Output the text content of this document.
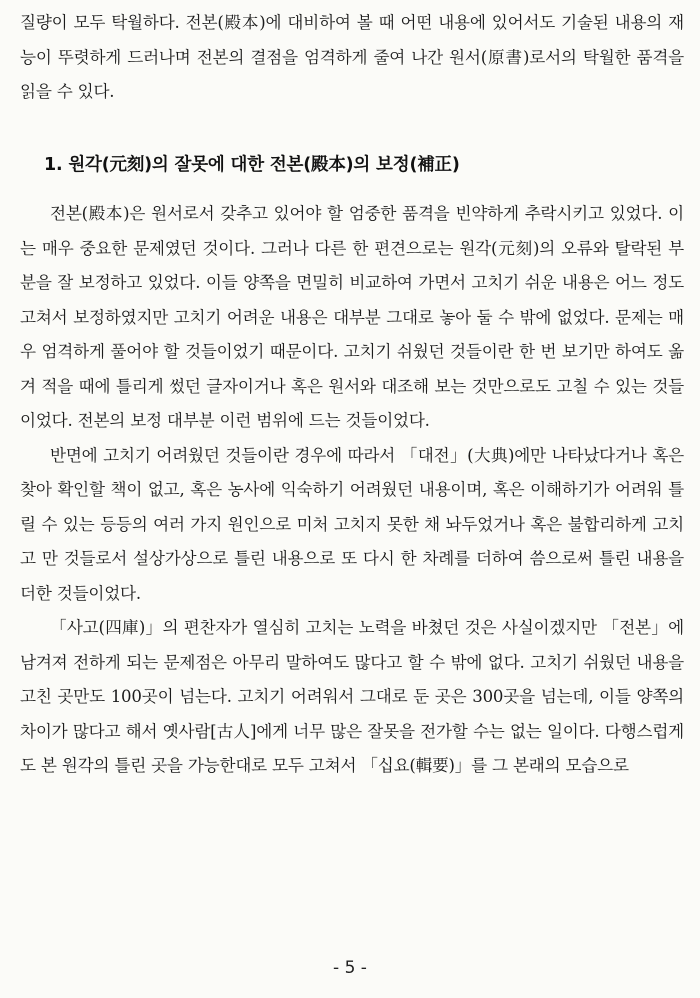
질량이 모두 탁월하다. 전본(殿本)에 대비하여 볼 때 어떤 내용에 있어서도 기술된 내용의 재능이 뚜렷하게 드러나며 전본의 결점을 엄격하게 줄여 나간 원서(原書)로서의 탁월한 품격을 읽을 수 있다.

1. 원각(元刻)의 잘못에 대한 전본(殿本)의 보정(補正)

전본(殿本)은 원서로서 갖추고 있어야 할 엄중한 품격을 빈약하게 추락시키고 있었다. 이는 매우 중요한 문제였던 것이다. 그러나 다른 한 편견으로는 원각(元刻)의 오류와 탈락된 부분을 잘 보정하고 있었다. 이들 양쪽을 면밀히 비교하여 가면서 고치기 쉬운 내용은 어느 정도 고쳐서 보정하였지만 고치기 어려운 내용은 대부분 그대로 놓아 둘 수 밖에 없었다. 문제는 매우 엄격하게 풀어야 할 것들이었기 때문이다. 고치기 쉬웠던 것들이란 한 번 보기만 하여도 옮겨 적을 때에 틀리게 썼던 글자이거나 혹은 원서와 대조해 보는 것만으로도 고칠 수 있는 것들이었다. 전본의 보정 대부분 이런 범위에 드는 것들이었다.

반면에 고치기 어려웠던 것들이란 경우에 따라서 「대전」(大典)에만 나타났다거나 혹은 찾아 확인할 책이 없고, 혹은 농사에 익숙하기 어려웠던 내용이며, 혹은 이해하기가 어려워 틀릴 수 있는 등등의 여러 가지 원인으로 미처 고치지 못한 채 놔두었거나 혹은 불합리하게 고치고 만 것들로서 설상가상으로 틀린 내용으로 또 다시 한 차례를 더하여 씀으로써 틀린 내용을 더한 것들이었다.

「사고(四庫)」의 편찬자가 열심히 고치는 노력을 바쳤던 것은 사실이겠지만 「전본」에 남겨져 전하게 되는 문제점은 아무리 말하여도 많다고 할 수 밖에 없다. 고치기 쉬웠던 내용을 고친 곳만도 100곳이 넘는다. 고치기 어려워서 그대로 둔 곳은 300곳을 넘는데, 이들 양쪽의 차이가 많다고 해서 옛사람[古人]에게 너무 많은 잘못을 전가할 수는 없는 일이다. 다행스럽게도 본 원각의 틀린 곳을 가능한대로 모두 고쳐서 「십요(輯要)」를 그 본래의 모습으로

- 5 -
